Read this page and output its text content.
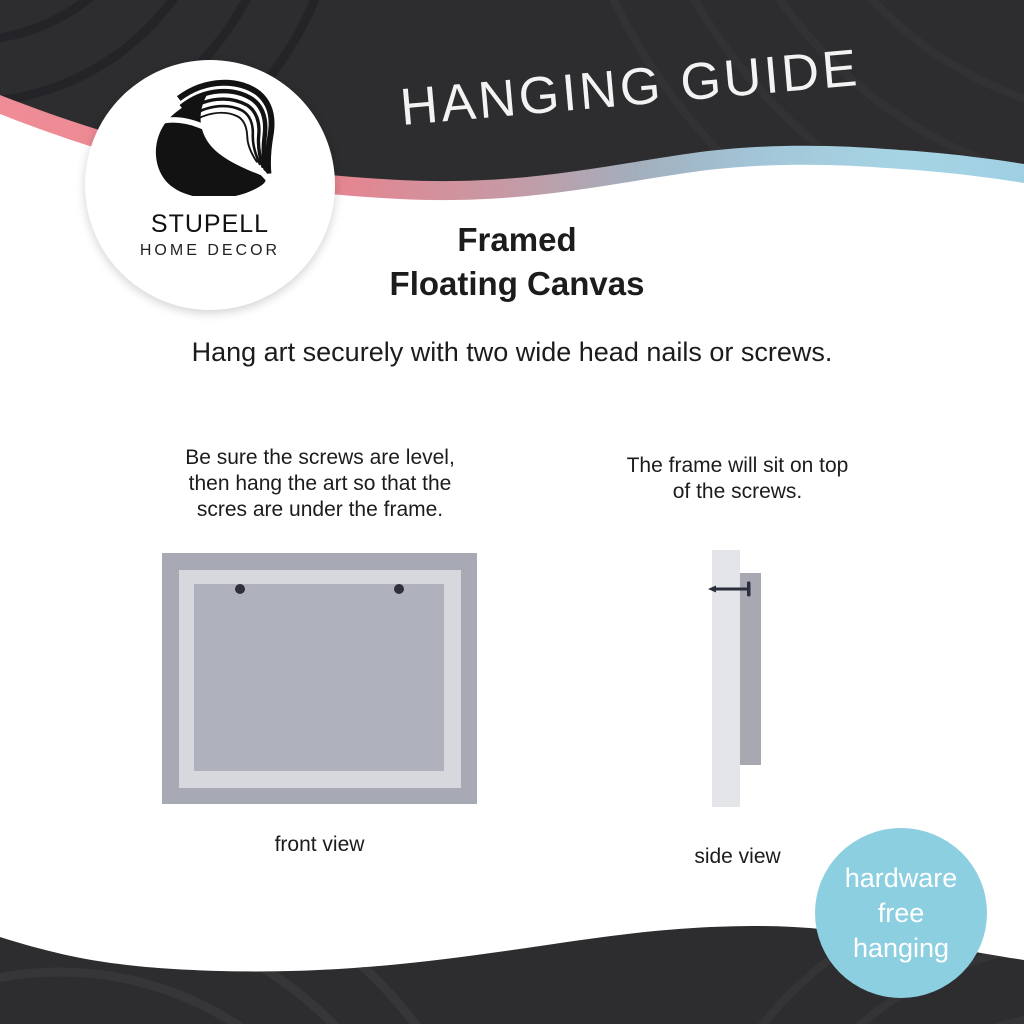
HANGING GUIDE
STUPELL
HOME DECOR	Framed
Floating Canvas
Hang art securely with two wide head nails or screws.
Be sure the screws are level,
then hang the art so that the
scres are under the frame.
The frame will sit on top
of the screws.
front view
side view
hardware
free
hanging
